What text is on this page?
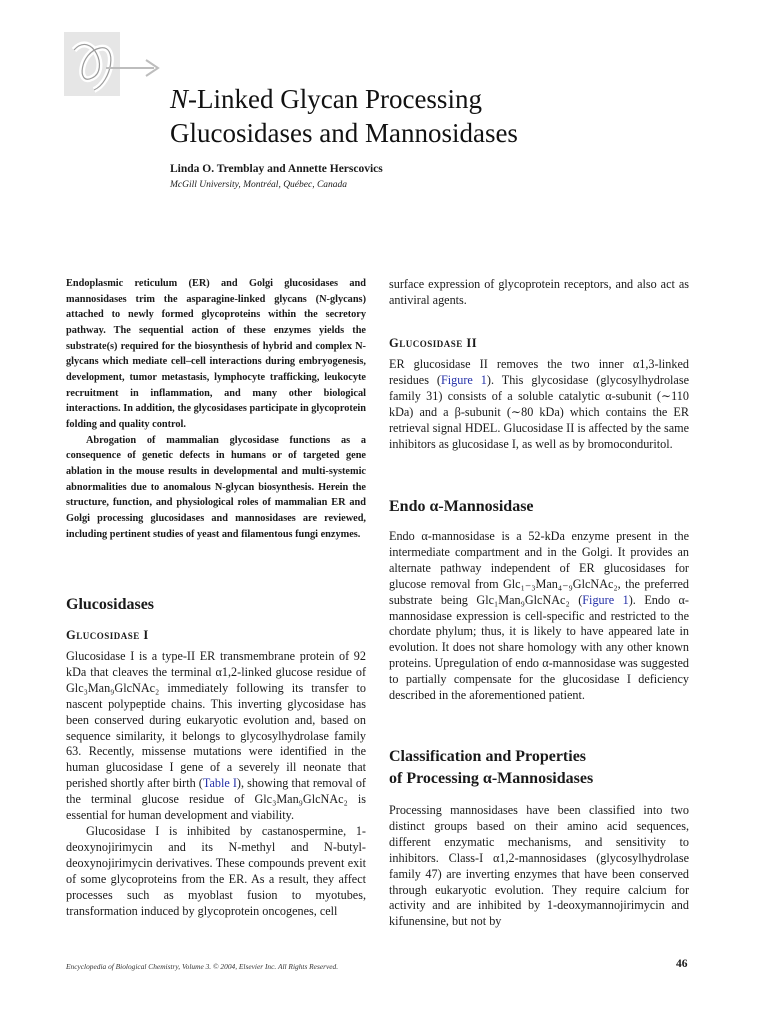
N-Linked Glycan Processing
Glucosidases and Mannosidases
Linda O. Tremblay and Annette Herscovics
McGill University, Montréal, Québec, Canada

Endoplasmic reticulum (ER) and Golgi glucosidases and mannosidases trim the asparagine-linked glycans (N-glycans) attached to newly formed glycoproteins within the secretory pathway. The sequential action of these enzymes yields the substrate(s) required for the biosynthesis of hybrid and complex N-glycans which mediate cell–cell interactions during embryogenesis, development, tumor metastasis, lymphocyte trafficking, leukocyte recruitment in inflammation, and many other biological interactions. In addition, the glycosidases participate in glycoprotein folding and quality control.

Abrogation of mammalian glycosidase functions as a consequence of genetic defects in humans or of targeted gene ablation in the mouse results in developmental and multi-systemic abnormalities due to anomalous N-glycan biosynthesis. Herein the structure, function, and physiological roles of mammalian ER and Golgi processing glucosidases and mannosidases are reviewed, including pertinent studies of yeast and filamentous fungi enzymes.

Glucosidases
Glucosidase I

Glucosidase I is a type-II ER transmembrane protein of 92 kDa that cleaves the terminal α1,2-linked glucose residue of Glc₃Man₉GlcNAc₂ immediately following its transfer to nascent polypeptide chains. This inverting glycosidase has been conserved during eukaryotic evolution and, based on sequence similarity, it belongs to glycosylhydrolase family 63. Recently, missense mutations were identified in the human glucosidase I gene of a severely ill neonate that perished shortly after birth (Table I), showing that removal of the terminal glucose residue of Glc₃Man₉GlcNAc₂ is essential for human development and viability.

Glucosidase I is inhibited by castanospermine, 1-deoxynojirimycin and its N-methyl and N-butyl-deoxynojirimycin derivatives. These compounds prevent exit of some glycoproteins from the ER. As a result, they affect processes such as myoblast fusion to myotubes, transformation induced by glycoprotein oncogenes, cell

surface expression of glycoprotein receptors, and also act as antiviral agents.

Glucosidase II

ER glucosidase II removes the two inner α1,3-linked residues (Figure 1). This glycosidase (glycosylhydrolase family 31) consists of a soluble catalytic α-subunit (∼110 kDa) and a β-subunit (∼80 kDa) which contains the ER retrieval signal HDEL. Glucosidase II is affected by the same inhibitors as glucosidase I, as well as by bromoconduritol.

Endo α-Mannosidase

Endo α-mannosidase is a 52-kDa enzyme present in the intermediate compartment and in the Golgi. It provides an alternate pathway independent of ER glucosidases for glucose removal from Glc₁₋₃Man₄₋₉GlcNAc₂, the preferred substrate being Glc₁Man₉GlcNAc₂ (Figure 1). Endo α-mannosidase expression is cell-specific and restricted to the chordate phylum; thus, it is likely to have appeared late in evolution. It does not share homology with any other known proteins. Upregulation of endo α-mannosidase was suggested to partially compensate for the glucosidase I deficiency described in the aforementioned patient.

Classification and Properties
of Processing α-Mannosidases

Processing mannosidases have been classified into two distinct groups based on their amino acid sequences, different enzymatic mechanisms, and sensitivity to inhibitors. Class-I α1,2-mannosidases (glycosylhydrolase family 47) are inverting enzymes that have been conserved through eukaryotic evolution. They require calcium for activity and are inhibited by 1-deoxymannojirimycin and kifunensine, but not by

Encyclopedia of Biological Chemistry, Volume 3. © 2004, Elsevier Inc. All Rights Reserved.	46
